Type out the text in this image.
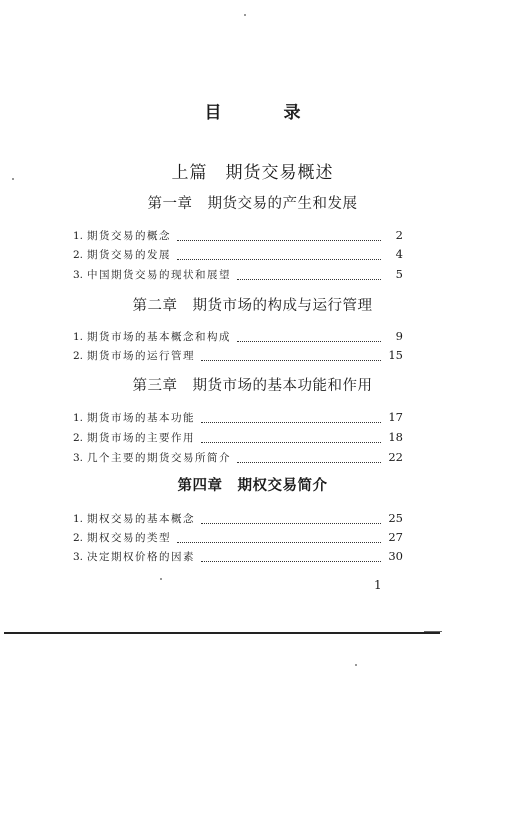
目 录
上篇　期货交易概述
第一章　期货交易的产生和发展
1. 期货交易的概念	2
2. 期货交易的发展	4
3. 中国期货交易的现状和展望	5
第二章　期货市场的构成与运行管理
1. 期货市场的基本概念和构成	9
2. 期货市场的运行管理	15
第三章　期货市场的基本功能和作用
1. 期货市场的基本功能	17
2. 期货市场的主要作用	18
3. 几个主要的期货交易所简介	22
第四章　期权交易简介
1. 期权交易的基本概念	25
2. 期权交易的类型	27
3. 决定期权价格的因素	30
1
